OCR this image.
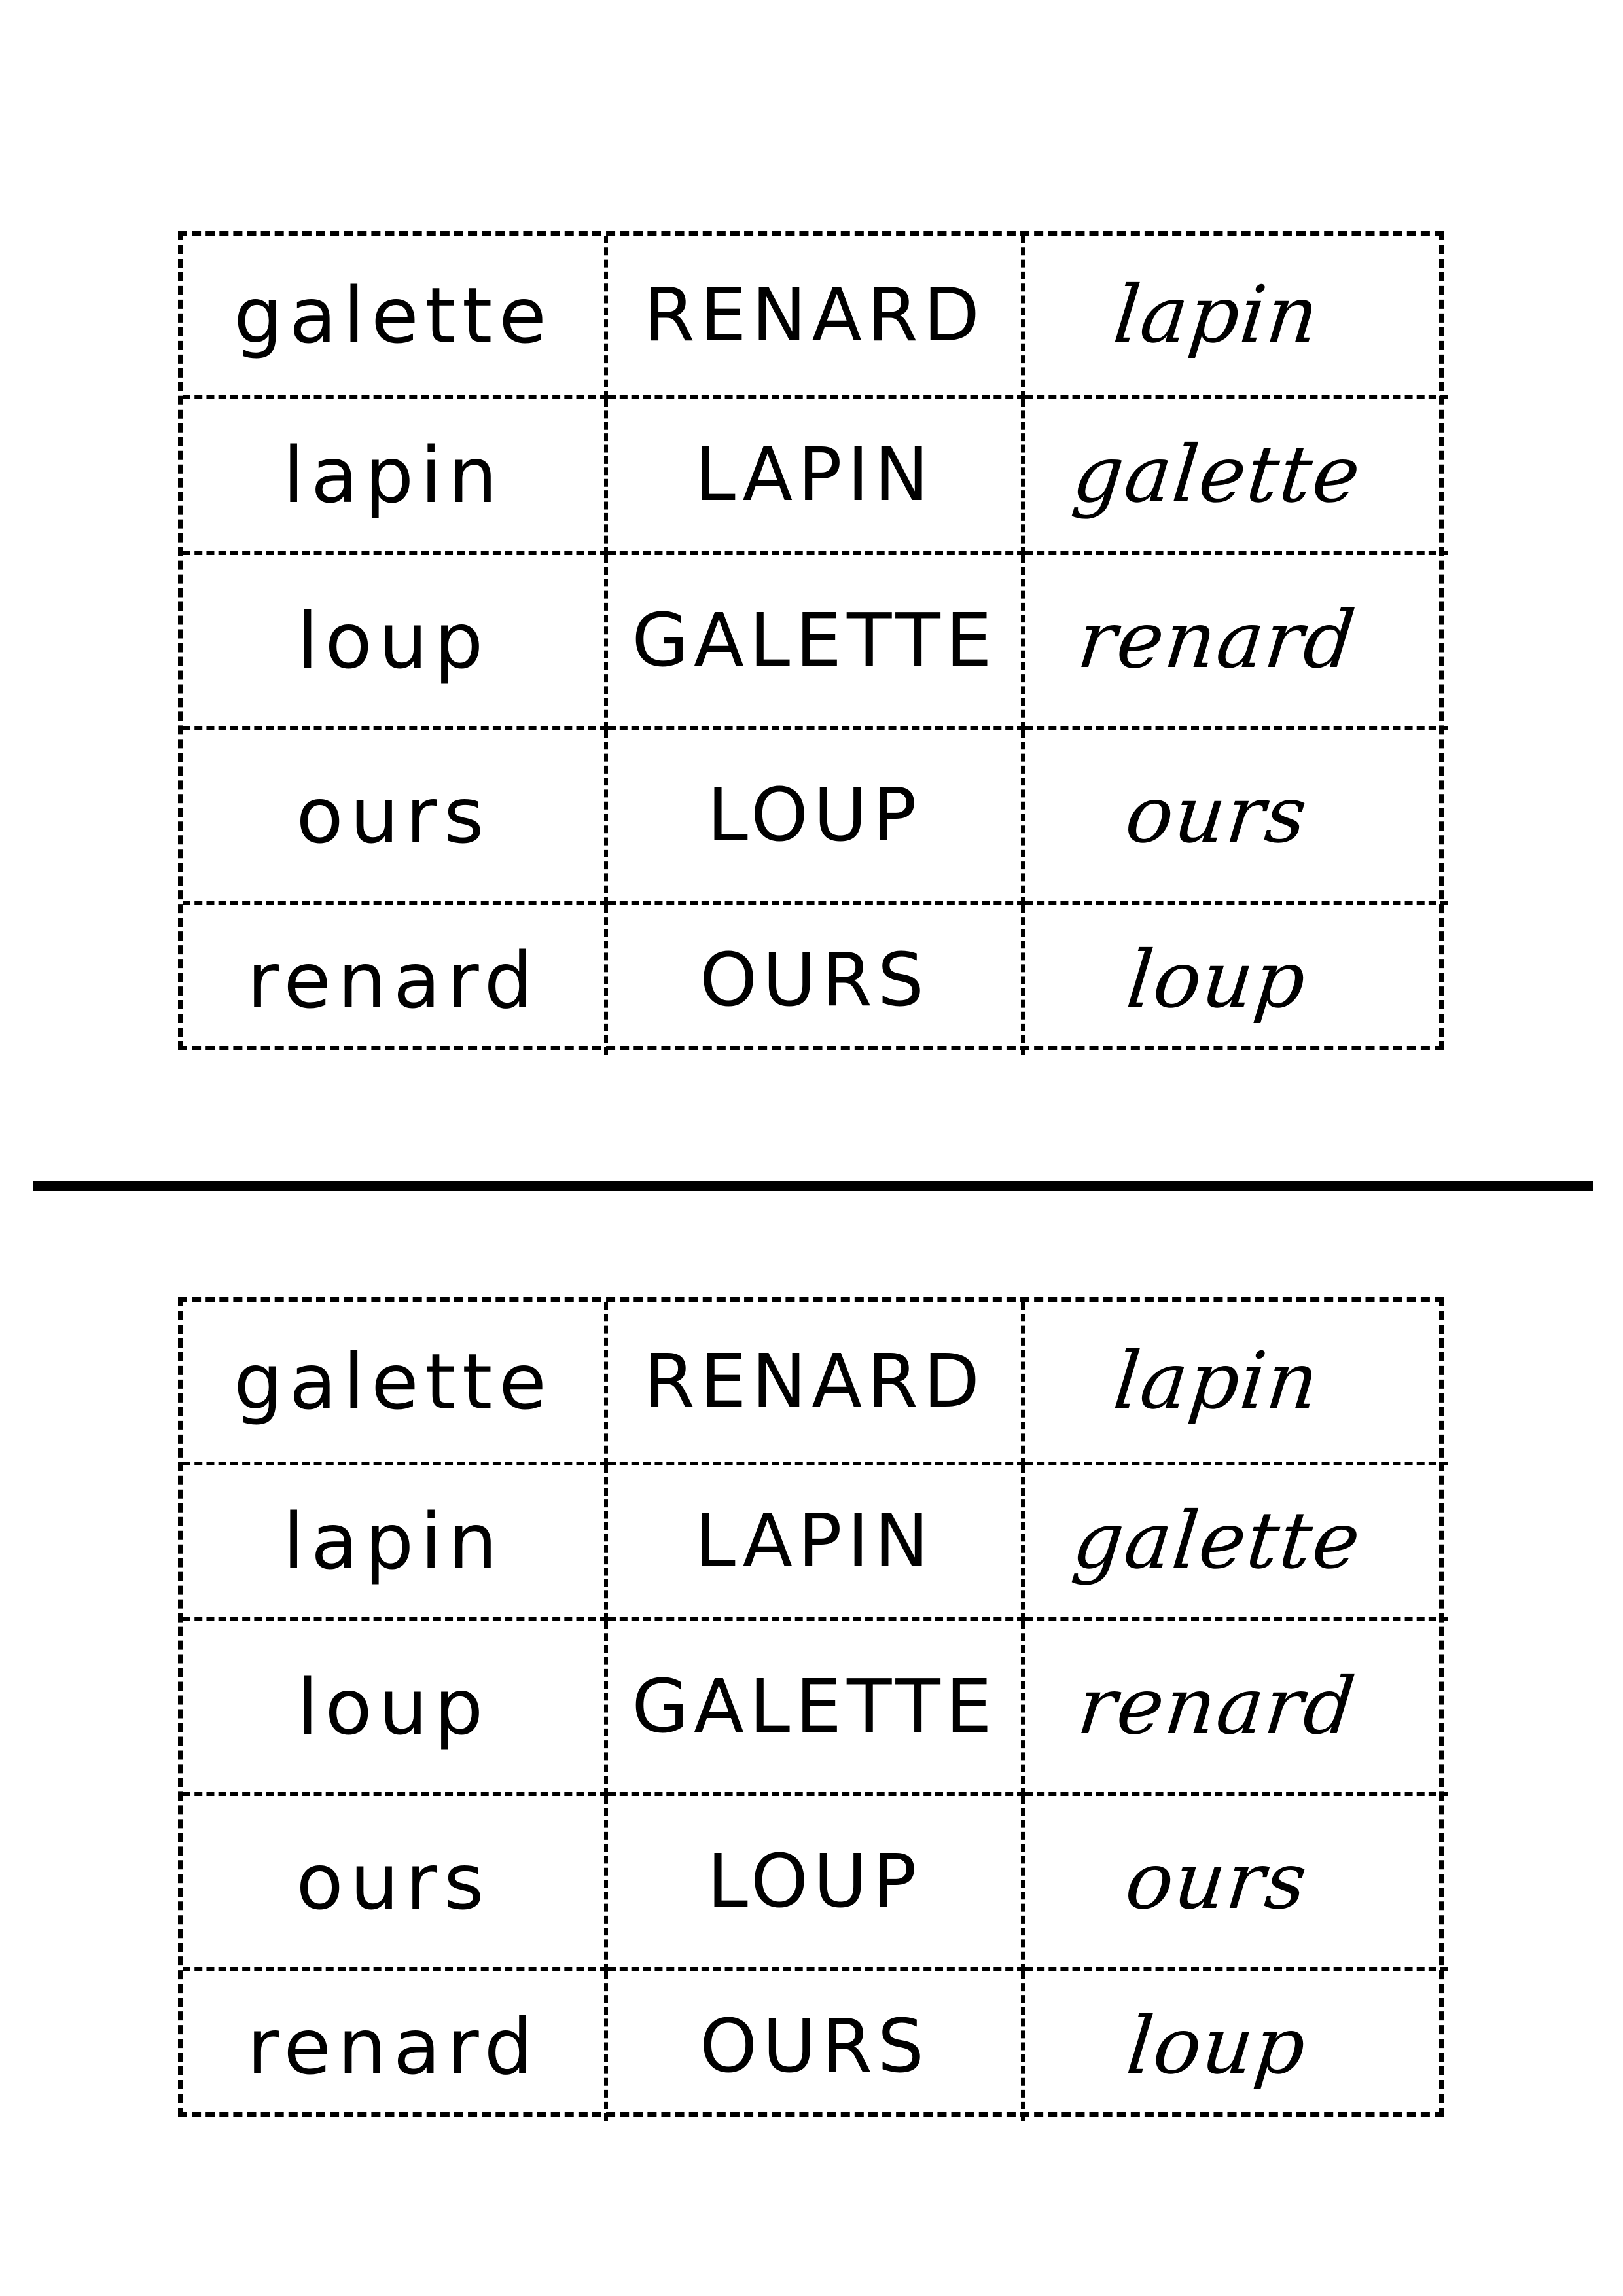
galette RENARD lapin
lapin	LAPIN galette
loup GALETTE renard
ours	LOUP	ours
renard OURS loup
galette RENARD lapin
lapin	LAPIN galette
loup GALETTE renard
ours	LOUP	ours
renard OURS loup
